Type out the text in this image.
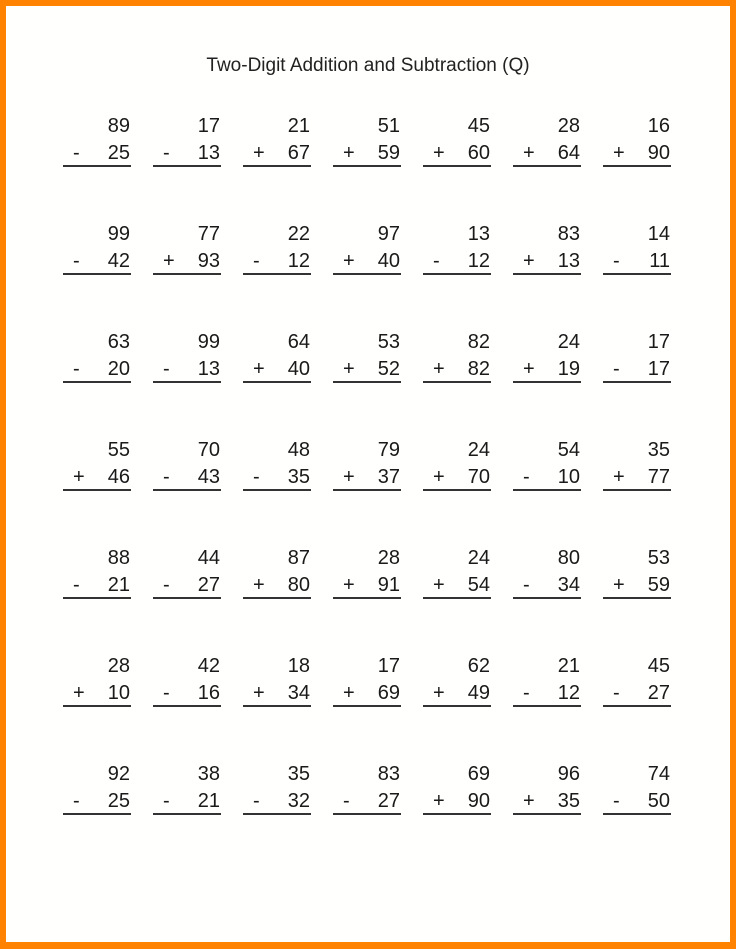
Two-Digit Addition and Subtraction (Q)
89
- 25
17
- 13
21
+ 67
51
+ 59
45
+ 60
28
+ 64
16
+ 90
99
- 42
77
+ 93
22
- 12
97
+ 40
13
- 12
83
+ 13
14
- 11
63
- 20
99
- 13
64
+ 40
53
+ 52
82
+ 82
24
+ 19
17
- 17
55
+ 46
70
- 43
48
- 35
79
+ 37
24
+ 70
54
- 10
35
+ 77
88
- 21
44
- 27
87
+ 80
28
+ 91
24
+ 54
80
- 34
53
+ 59
28
+ 10
42
- 16
18
+ 34
17
+ 69
62
+ 49
21
- 12
45
- 27
92
- 25
38
- 21
35
- 32
83
- 27
69
+ 90
96
+ 35
74
- 50
